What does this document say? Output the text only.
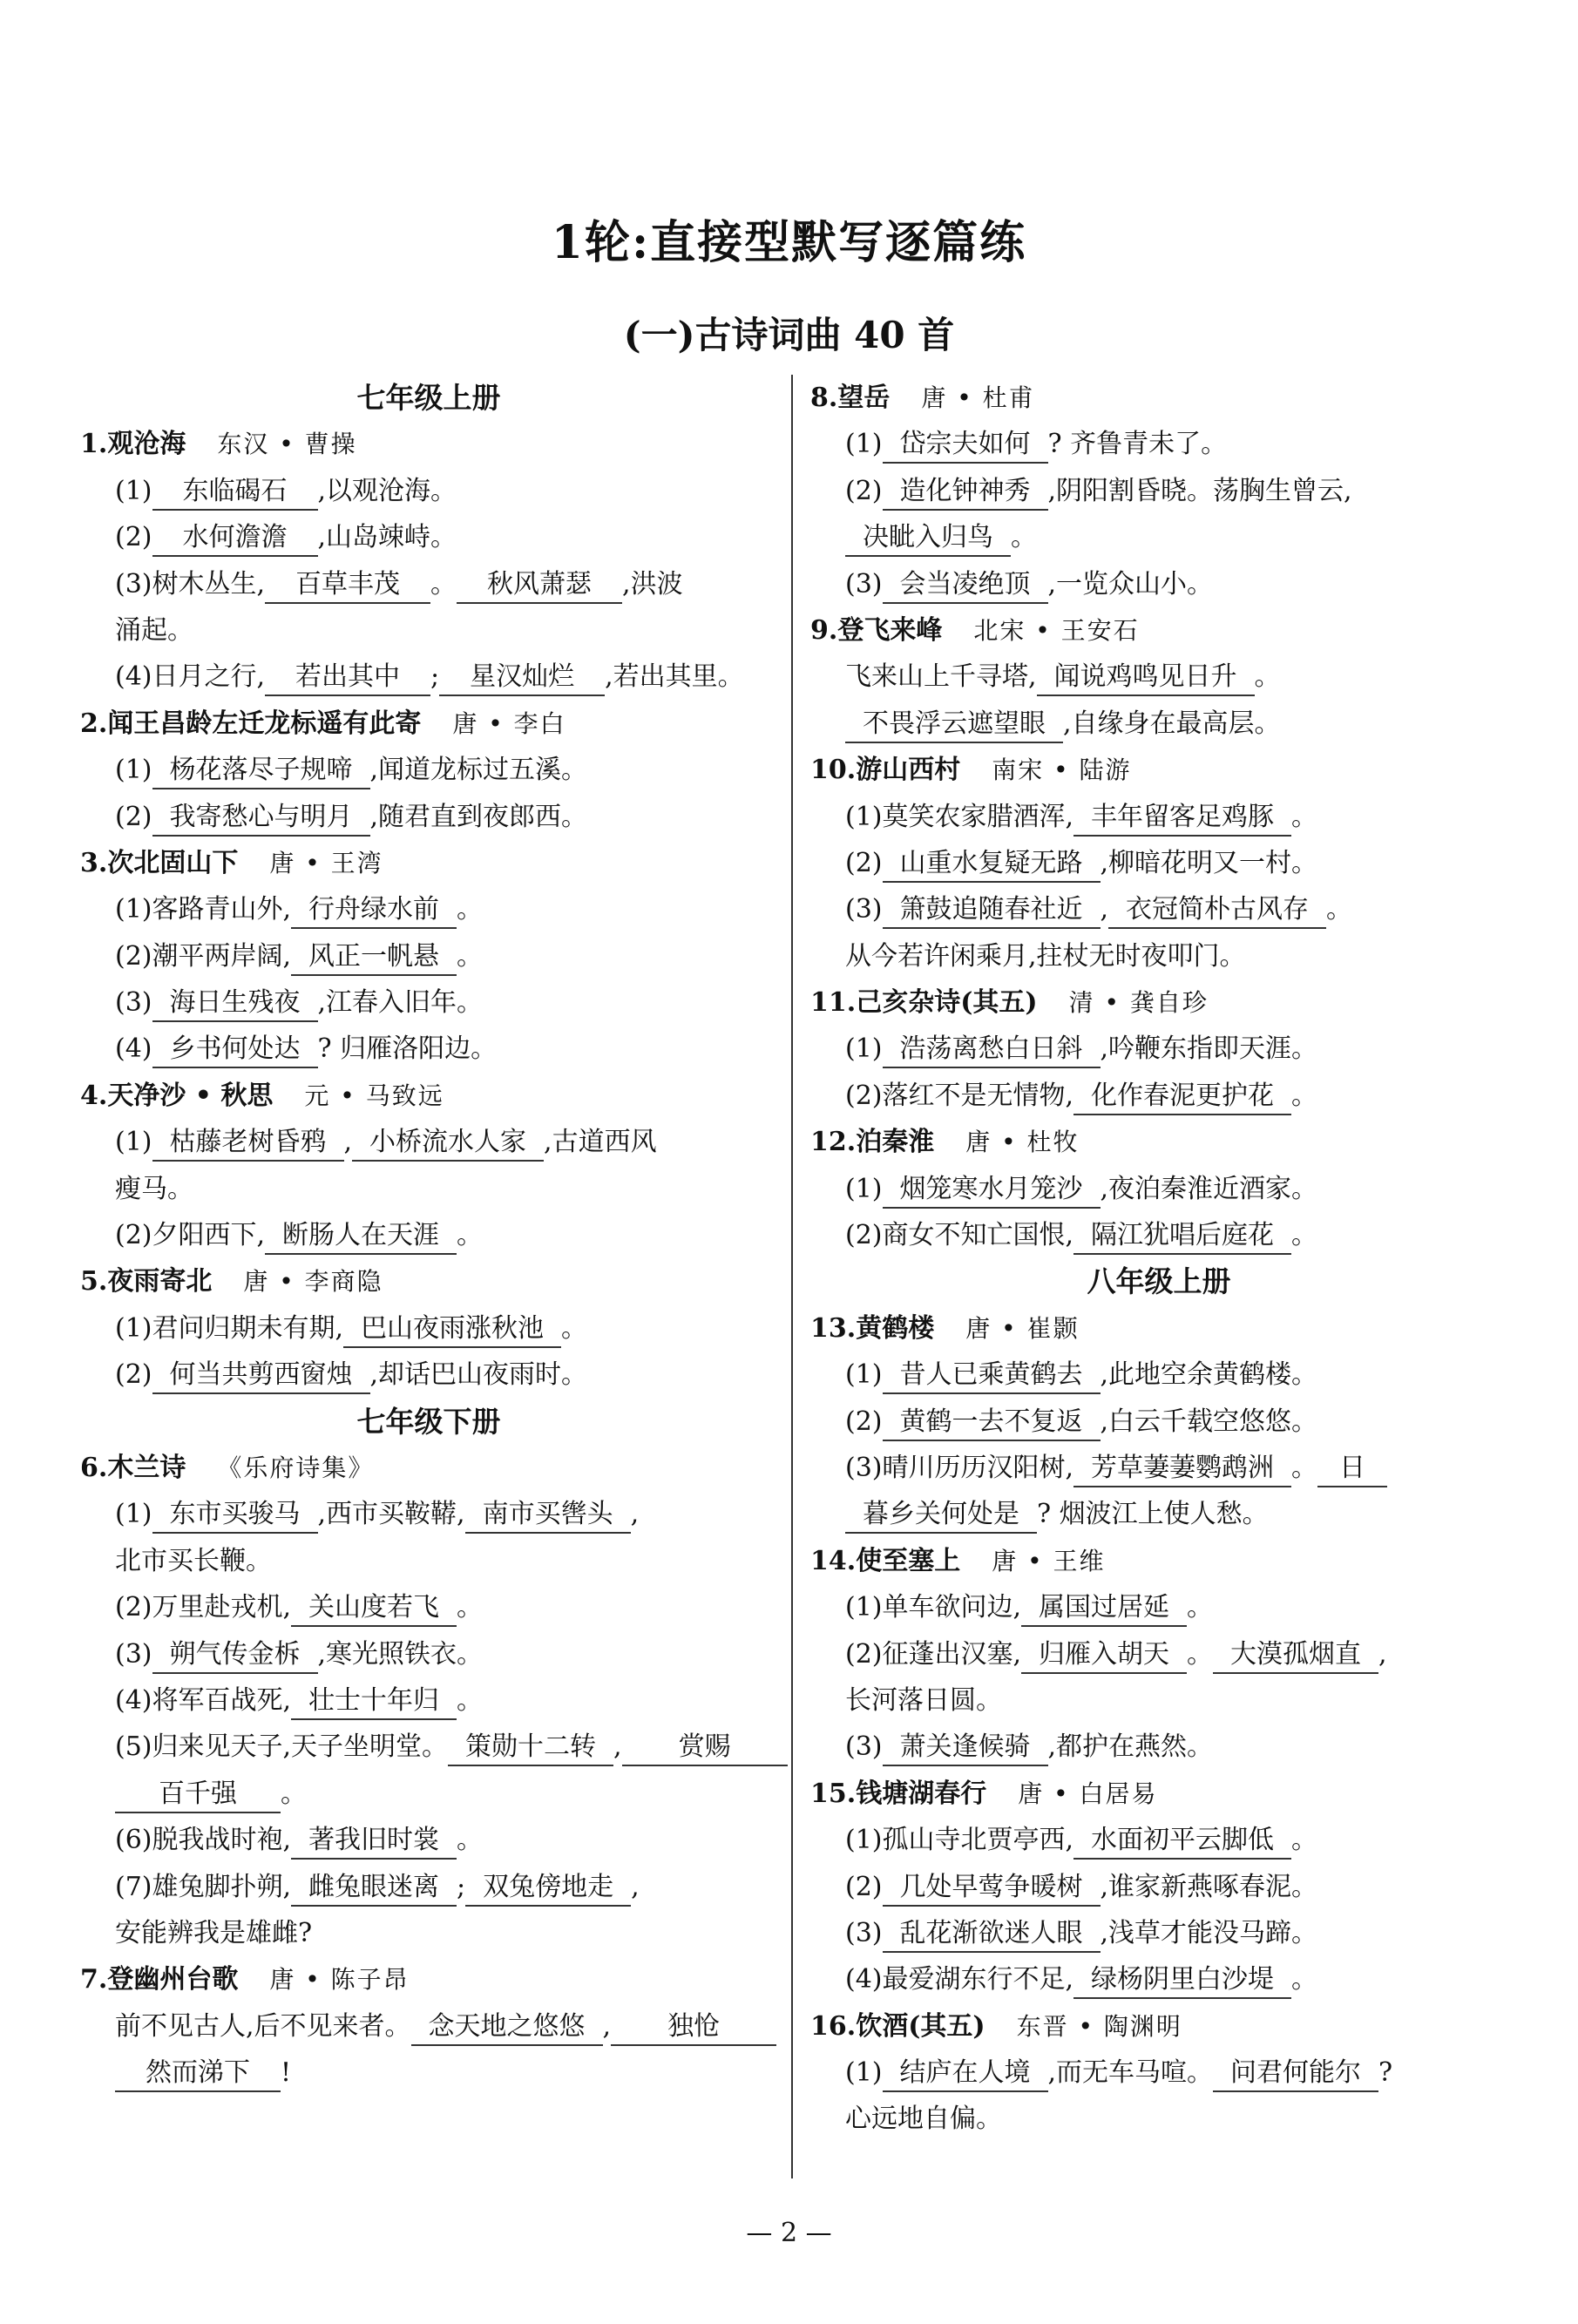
1轮:直接型默写逐篇练
(一)古诗词曲 40 首
七年级上册
1.观沧海 东汉 • 曹操
(1) 东临碣石 ,以观沧海。
(2) 水何澹澹 ,山岛竦峙。
(3)树木丛生, 百草丰茂 。 秋风萧瑟 ,洪波
涌起。
(4)日月之行, 若出其中 ; 星汉灿烂 ,若出其里。
2.闻王昌龄左迁龙标遥有此寄 唐 • 李白
(1) 杨花落尽子规啼 ,闻道龙标过五溪。
(2) 我寄愁心与明月 ,随君直到夜郎西。
3.次北固山下 唐 • 王湾
(1)客路青山外, 行舟绿水前 。
(2)潮平两岸阔, 风正一帆悬 。
(3) 海日生残夜 ,江春入旧年。
(4) 乡书何处达 ? 归雁洛阳边。
4.天净沙 • 秋思 元 • 马致远
(1) 枯藤老树昏鸦 , 小桥流水人家 ,古道西风
瘦马。
(2)夕阳西下, 断肠人在天涯 。
5.夜雨寄北 唐 • 李商隐
(1)君问归期未有期, 巴山夜雨涨秋池 。
(2) 何当共剪西窗烛 ,却话巴山夜雨时。
七年级下册
6.木兰诗 《乐府诗集》
(1) 东市买骏马 ,西市买鞍鞯, 南市买辔头 ,
北市买长鞭。
(2)万里赴戎机, 关山度若飞 。
(3) 朔气传金柝 ,寒光照铁衣。
(4)将军百战死, 壮士十年归 。
(5)归来见天子,天子坐明堂。 策勋十二转 , 赏赐
百千强 。
(6)脱我战时袍, 著我旧时裳 。
(7)雄兔脚扑朔, 雌兔眼迷离 ; 双兔傍地走 ,
安能辨我是雄雌?
7.登幽州台歌 唐 • 陈子昂
前不见古人,后不见来者。 念天地之悠悠 , 独怆
然而涕下 !
8.望岳 唐 • 杜甫
(1) 岱宗夫如何 ? 齐鲁青未了。
(2) 造化钟神秀 ,阴阳割昏晓。荡胸生曾云,
决眦入归鸟 。
(3) 会当凌绝顶 ,一览众山小。
9.登飞来峰 北宋 • 王安石
飞来山上千寻塔, 闻说鸡鸣见日升 。
不畏浮云遮望眼 ,自缘身在最高层。
10.游山西村 南宋 • 陆游
(1)莫笑农家腊酒浑, 丰年留客足鸡豚 。
(2) 山重水复疑无路 ,柳暗花明又一村。
(3) 箫鼓追随春社近 , 衣冠简朴古风存 。
从今若许闲乘月,拄杖无时夜叩门。
11.己亥杂诗(其五) 清 • 龚自珍
(1) 浩荡离愁白日斜 ,吟鞭东指即天涯。
(2)落红不是无情物, 化作春泥更护花 。
12.泊秦淮 唐 • 杜牧
(1) 烟笼寒水月笼沙 ,夜泊秦淮近酒家。
(2)商女不知亡国恨, 隔江犹唱后庭花 。
八年级上册
13.黄鹤楼 唐 • 崔颢
(1) 昔人已乘黄鹤去 ,此地空余黄鹤楼。
(2) 黄鹤一去不复返 ,白云千载空悠悠。
(3)晴川历历汉阳树, 芳草萋萋鹦鹉洲 。 日
暮乡关何处是 ? 烟波江上使人愁。
14.使至塞上 唐 • 王维
(1)单车欲问边, 属国过居延 。
(2)征蓬出汉塞, 归雁入胡天 。 大漠孤烟直 ,
长河落日圆。
(3) 萧关逢候骑 ,都护在燕然。
15.钱塘湖春行 唐 • 白居易
(1)孤山寺北贾亭西, 水面初平云脚低 。
(2) 几处早莺争暖树 ,谁家新燕啄春泥。
(3) 乱花渐欲迷人眼 ,浅草才能没马蹄。
(4)最爱湖东行不足, 绿杨阴里白沙堤 。
16.饮酒(其五) 东晋 • 陶渊明
(1) 结庐在人境 ,而无车马喧。 问君何能尔 ?
心远地自偏。
— 2 —
